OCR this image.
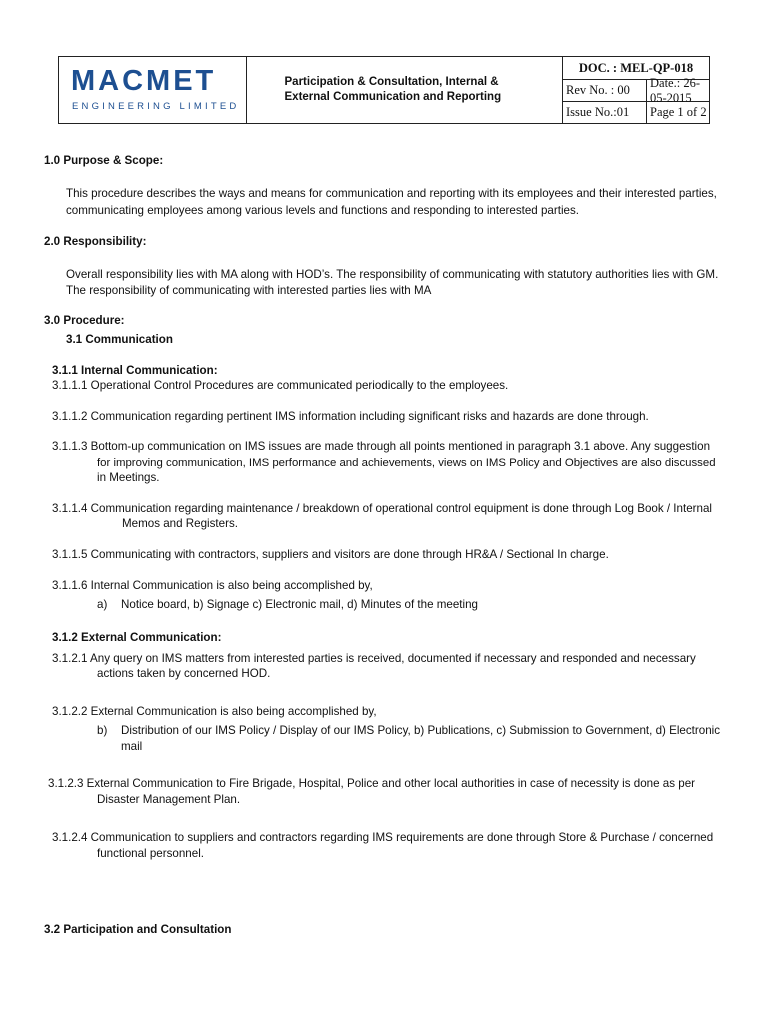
MACMET
ENGINEERING LIMITED
Participation & Consultation, Internal &
External Communication and Reporting
DOC. : MEL-QP-018
Rev No. : 00
Date.: 26-05-2015
Issue No.:01	Page 1 of 2
1.0 Purpose & Scope:
This procedure describes the ways and means for communication and reporting with its employees and their interested parties,
communicating employees among various levels and functions and responding to interested parties.
2.0 Responsibility:
Overall responsibility lies with MA along with HOD’s. The responsibility of communicating with statutory authorities lies with GM.
The responsibility of communicating with interested parties lies with MA
3.0 Procedure:
3.1 Communication
3.1.1 Internal Communication:
3.1.1.1 Operational Control Procedures are communicated periodically to the employees.
3.1.1.2 Communication regarding pertinent IMS information including significant risks and hazards are done through.
3.1.1.3 Bottom-up communication on IMS issues are made through all points mentioned in paragraph 3.1 above. Any suggestion
for improving communication, IMS performance and achievements, views on IMS Policy and Objectives are also discussed
in Meetings.
3.1.1.4 Communication regarding maintenance / breakdown of operational control equipment is done through Log Book / Internal
Memos and Registers.
3.1.1.5 Communicating with contractors, suppliers and visitors are done through HR&A / Sectional In charge.
3.1.1.6 Internal Communication is also being accomplished by,
a) Notice board, b) Signage c) Electronic mail, d) Minutes of the meeting
3.1.2 External Communication:
3.1.2.1 Any query on IMS matters from interested parties is received, documented if necessary and responded and necessary
actions taken by concerned HOD.
3.1.2.2 External Communication is also being accomplished by,
b) Distribution of our IMS Policy / Display of our IMS Policy, b) Publications, c) Submission to Government, d) Electronic
mail
3.1.2.3 External Communication to Fire Brigade, Hospital, Police and other local authorities in case of necessity is done as per
Disaster Management Plan.
3.1.2.4 Communication to suppliers and contractors regarding IMS requirements are done through Store & Purchase / concerned
functional personnel.
3.2 Participation and Consultation
